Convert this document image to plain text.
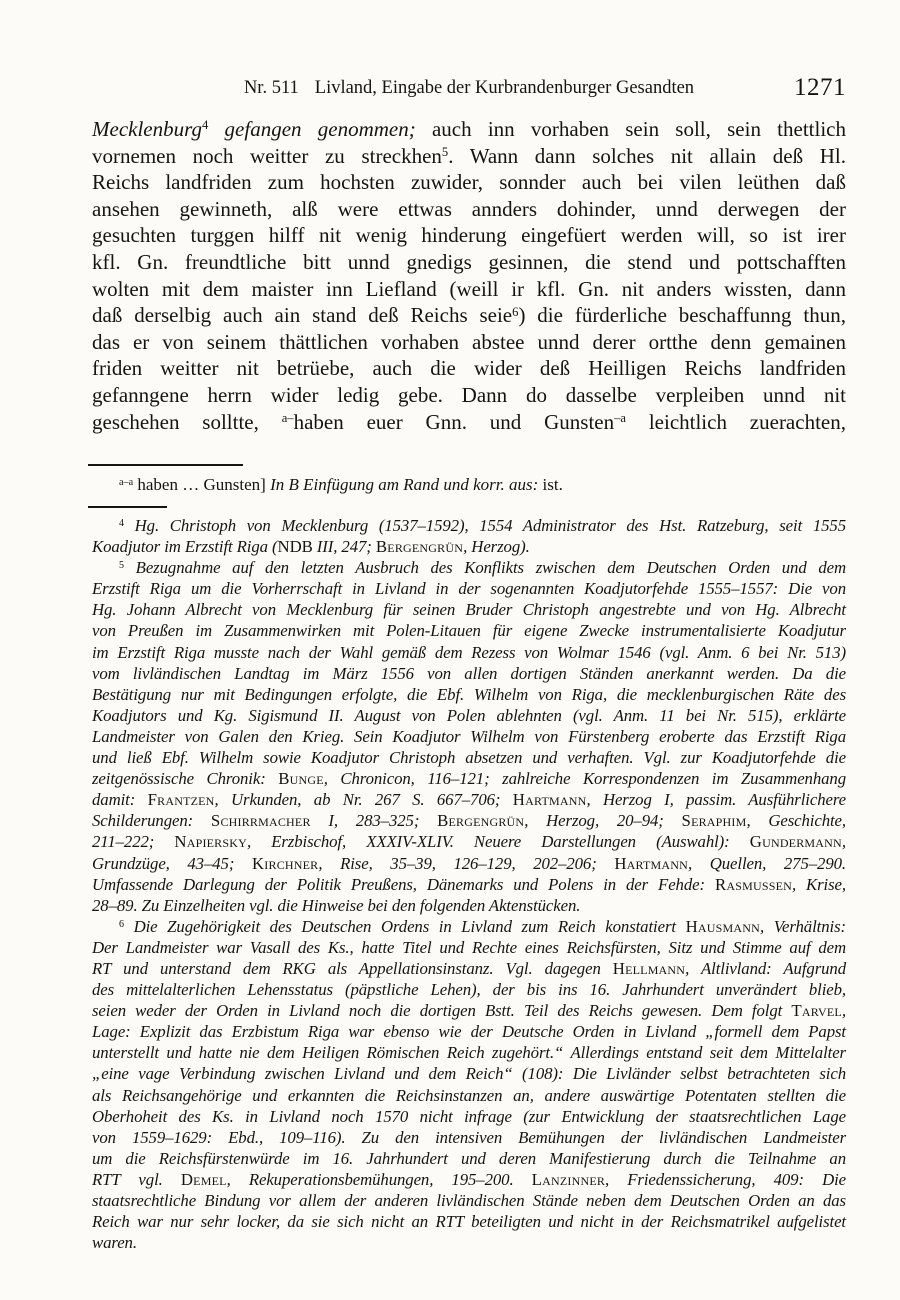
Nr. 511 Livland, Eingabe der Kurbrandenburger Gesandten	1271
Mecklenburg$^4$ gefangen genommen; auch inn vorhaben sein soll, sein thettlich
vornemen noch weitter zu streckhen$^5$. Wann dann solches nit allain deß Hl.
Reichs landfriden zum hochsten zuwider, sonnder auch bei vilen leüthen daß
ansehen gewinneth, alß were ettwas annders dohinder, unnd derwegen der
gesuchten turggen hilff nit wenig hinderung eingefüert werden will, so ist irer
kfl. Gn. freundtliche bitt unnd gnedigs gesinnen, die stend und pottschafften
wolten mit dem maister inn Liefland (weill ir kfl. Gn. nit anders wissten, dann
daß derselbig auch ain stand deß Reichs seie$^6$) die fürderliche beschaffunng thun,
das er von seinem thättlichen vorhaben abstee unnd derer ortthe denn gemainen
friden weitter nit betrüebe, auch die wider deß Heilligen Reichs landfriden
gefanngene herrn wider ledig gebe. Dann do dasselbe verpleiben unnd nit
geschehen solltte, $^{a-}$haben euer Gnn. und Gunsten$^{-a}$ leichtlich zuerachten,
$^{a-a}$ haben … Gunsten] In B Einfügung am Rand und korr. aus: ist.
$^4$ Hg. Christoph von Mecklenburg (1537–1592), 1554 Administrator des Hst. Ratzeburg, seit 1555
Koadjutor im Erzstift Riga (NDB III, 247; Bergengrün, Herzog).
$^5$ Bezugnahme auf den letzten Ausbruch des Konflikts zwischen dem Deutschen Orden und dem
Erzstift Riga um die Vorherrschaft in Livland in der sogenannten Koadjutorfehde 1555–1557: Die von
Hg. Johann Albrecht von Mecklenburg für seinen Bruder Christoph angestrebte und von Hg. Albrecht
von Preußen im Zusammenwirken mit Polen-Litauen für eigene Zwecke instrumentalisierte Koadjutur
im Erzstift Riga musste nach der Wahl gemäß dem Rezess von Wolmar 1546 (vgl. Anm. 6 bei Nr. 513)
vom livländischen Landtag im März 1556 von allen dortigen Ständen anerkannt werden. Da die
Bestätigung nur mit Bedingungen erfolgte, die Ebf. Wilhelm von Riga, die mecklenburgischen Räte des
Koadjutors und Kg. Sigismund II. August von Polen ablehnten (vgl. Anm. 11 bei Nr. 515), erklärte
Landmeister von Galen den Krieg. Sein Koadjutor Wilhelm von Fürstenberg eroberte das Erzstift Riga
und ließ Ebf. Wilhelm sowie Koadjutor Christoph absetzen und verhaften. Vgl. zur Koadjutorfehde die
zeitgenössische Chronik: Bunge, Chronicon, 116–121; zahlreiche Korrespondenzen im Zusammenhang
damit: Frantzen, Urkunden, ab Nr. 267 S. 667–706; Hartmann, Herzog I, passim. Ausführlichere
Schilderungen: Schirrmacher I, 283–325; Bergengrün, Herzog, 20–94; Seraphim, Geschichte,
211–222; Napiersky, Erzbischof, XXXIV-XLIV. Neuere Darstellungen (Auswahl): Gundermann,
Grundzüge, 43–45; Kirchner, Rise, 35–39, 126–129, 202–206; Hartmann, Quellen, 275–290.
Umfassende Darlegung der Politik Preußens, Dänemarks und Polens in der Fehde: Rasmussen, Krise,
28–89. Zu Einzelheiten vgl. die Hinweise bei den folgenden Aktenstücken.
$^6$ Die Zugehörigkeit des Deutschen Ordens in Livland zum Reich konstatiert Hausmann, Verhältnis:
Der Landmeister war Vasall des Ks., hatte Titel und Rechte eines Reichsfürsten, Sitz und Stimme auf dem
RT und unterstand dem RKG als Appellationsinstanz. Vgl. dagegen Hellmann, Altlivland: Aufgrund
des mittelalterlichen Lehensstatus (päpstliche Lehen), der bis ins 16. Jahrhundert unverändert blieb,
seien weder der Orden in Livland noch die dortigen Bstt. Teil des Reichs gewesen. Dem folgt Tarvel,
Lage: Explizit das Erzbistum Riga war ebenso wie der Deutsche Orden in Livland „formell dem Papst
unterstellt und hatte nie dem Heiligen Römischen Reich zugehört.“ Allerdings entstand seit dem Mittelalter
„eine vage Verbindung zwischen Livland und dem Reich“ (108): Die Livländer selbst betrachteten sich
als Reichsangehörige und erkannten die Reichsinstanzen an, andere auswärtige Potentaten stellten die
Oberhoheit des Ks. in Livland noch 1570 nicht infrage (zur Entwicklung der staatsrechtlichen Lage
von 1559–1629: Ebd., 109–116). Zu den intensiven Bemühungen der livländischen Landmeister
um die Reichsfürstenwürde im 16. Jahrhundert und deren Manifestierung durch die Teilnahme an
RTT vgl. Demel, Rekuperationsbemühungen, 195–200. Lanzinner, Friedenssicherung, 409: Die
staatsrechtliche Bindung vor allem der anderen livländischen Stände neben dem Deutschen Orden an das
Reich war nur sehr locker, da sie sich nicht an RTT beteiligten und nicht in der Reichsmatrikel aufgelistet
waren.
